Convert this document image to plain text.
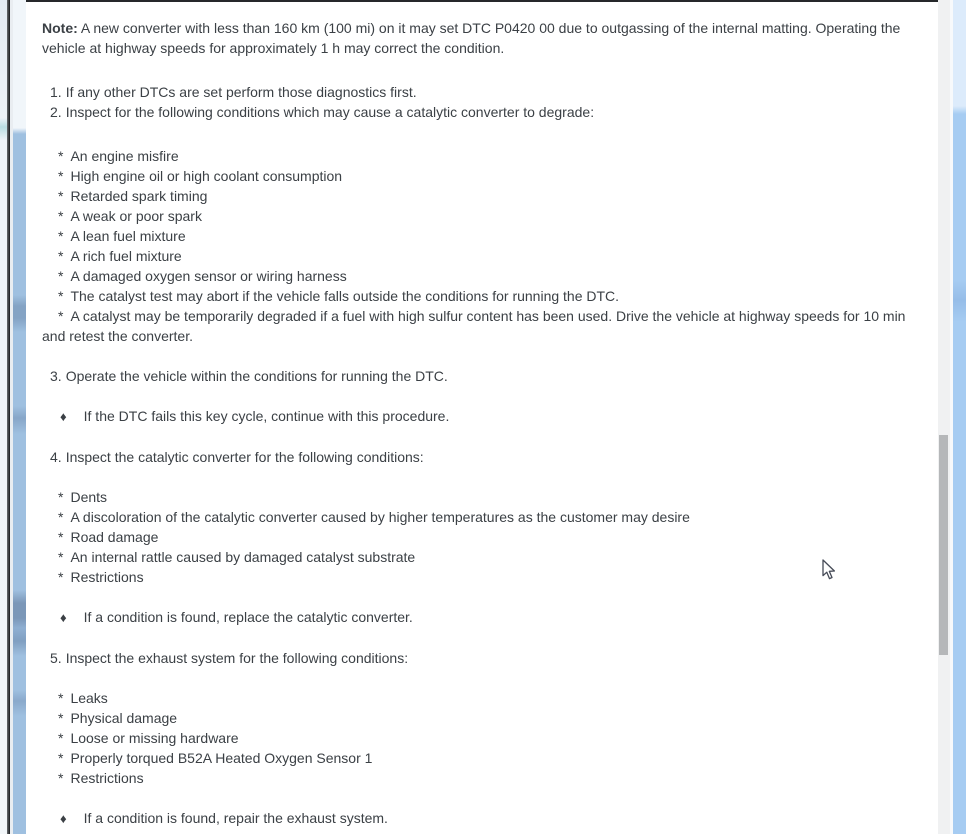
Note: A new converter with less than 160 km (100 mi) on it may set DTC P0420 00 due to outgassing of the internal matting. Operating the vehicle at highway speeds for approximately 1 h may correct the condition.

1. If any other DTCs are set perform those diagnostics first.
2. Inspect for the following conditions which may cause a catalytic converter to degrade:
* An engine misfire
* High engine oil or high coolant consumption
* Retarded spark timing
* A weak or poor spark
* A lean fuel mixture
* A rich fuel mixture
* A damaged oxygen sensor or wiring harness
* The catalyst test may abort if the vehicle falls outside the conditions for running the DTC.
* A catalyst may be temporarily degraded if a fuel with high sulfur content has been used. Drive the vehicle at highway speeds for 10 min and retest the converter.
3. Operate the vehicle within the conditions for running the DTC.
♦ If the DTC fails this key cycle, continue with this procedure.
4. Inspect the catalytic converter for the following conditions:
* Dents
* A discoloration of the catalytic converter caused by higher temperatures as the customer may desire
* Road damage
* An internal rattle caused by damaged catalyst substrate
* Restrictions
♦ If a condition is found, replace the catalytic converter.
5. Inspect the exhaust system for the following conditions:
* Leaks
* Physical damage
* Loose or missing hardware
* Properly torqued B52A Heated Oxygen Sensor 1
* Restrictions
♦ If a condition is found, repair the exhaust system.
